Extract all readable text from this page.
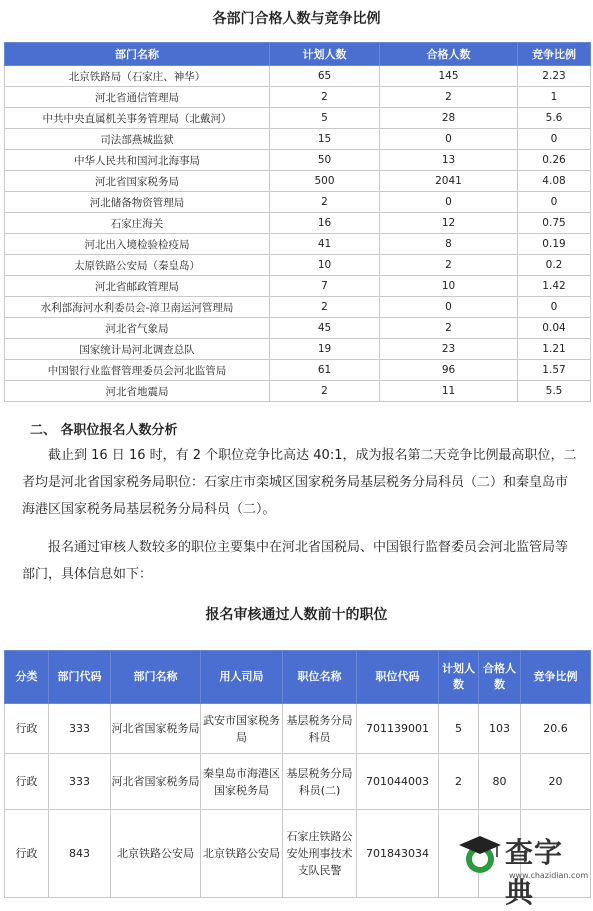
各部门合格人数与竞争比例
部门名称	计划人数	合格人数	竞争比例
北京铁路局（石家庄、神华）	65	145	2.23
河北省通信管理局	2	2	1
中共中央直属机关事务管理局（北戴河）	5	28	5.6
司法部燕城监狱	15	0	0
中华人民共和国河北海事局	50	13	0.26
河北省国家税务局	500	2041	4.08
河北储备物资管理局	2	0	0
石家庄海关	16	12	0.75
河北出入境检验检疫局	41	8	0.19
太原铁路公安局（秦皇岛）	10	2	0.2
河北省邮政管理局	7	10	1.42
水利部海河水利委员会-漳卫南运河管理局	2	0	0
河北省气象局	45	2	0.04
国家统计局河北调查总队	19	23	1.21
中国银行业监督管理委员会河北监管局	61	96	1.57
河北省地震局	2	11	5.5
二、 各职位报名人数分析
截止到 16 日 16 时，有 2 个职位竞争比高达 40:1，成为报名第二天竞争比例最高职位，二者均是河北省国家税务局职位：石家庄市栾城区国家税务局基层税务分局科员（二）和秦皇岛市海港区国家税务局基层税务分局科员（二）。
报名通过审核人数较多的职位主要集中在河北省国税局、中国银行监督委员会河北监管局等部门，具体信息如下：
报名审核通过人数前十的职位
分类	部门代码	部门名称	用人司局	职位名称	职位代码	计划人数	合格人数	竞争比例
行政	333	河北省国家税务局	武安市国家税务局	基层税务分局科员	701139001	5	103	20.6
行政	333	河北省国家税务局	秦皇岛市海港区国家税务局	基层税务分局科员(二)	701044003	2	80	20
行政	843	北京铁路公安局	北京铁路公安局	石家庄铁路公安处刑事技术支队民警	701843034				查字典
www.chazidian.com
